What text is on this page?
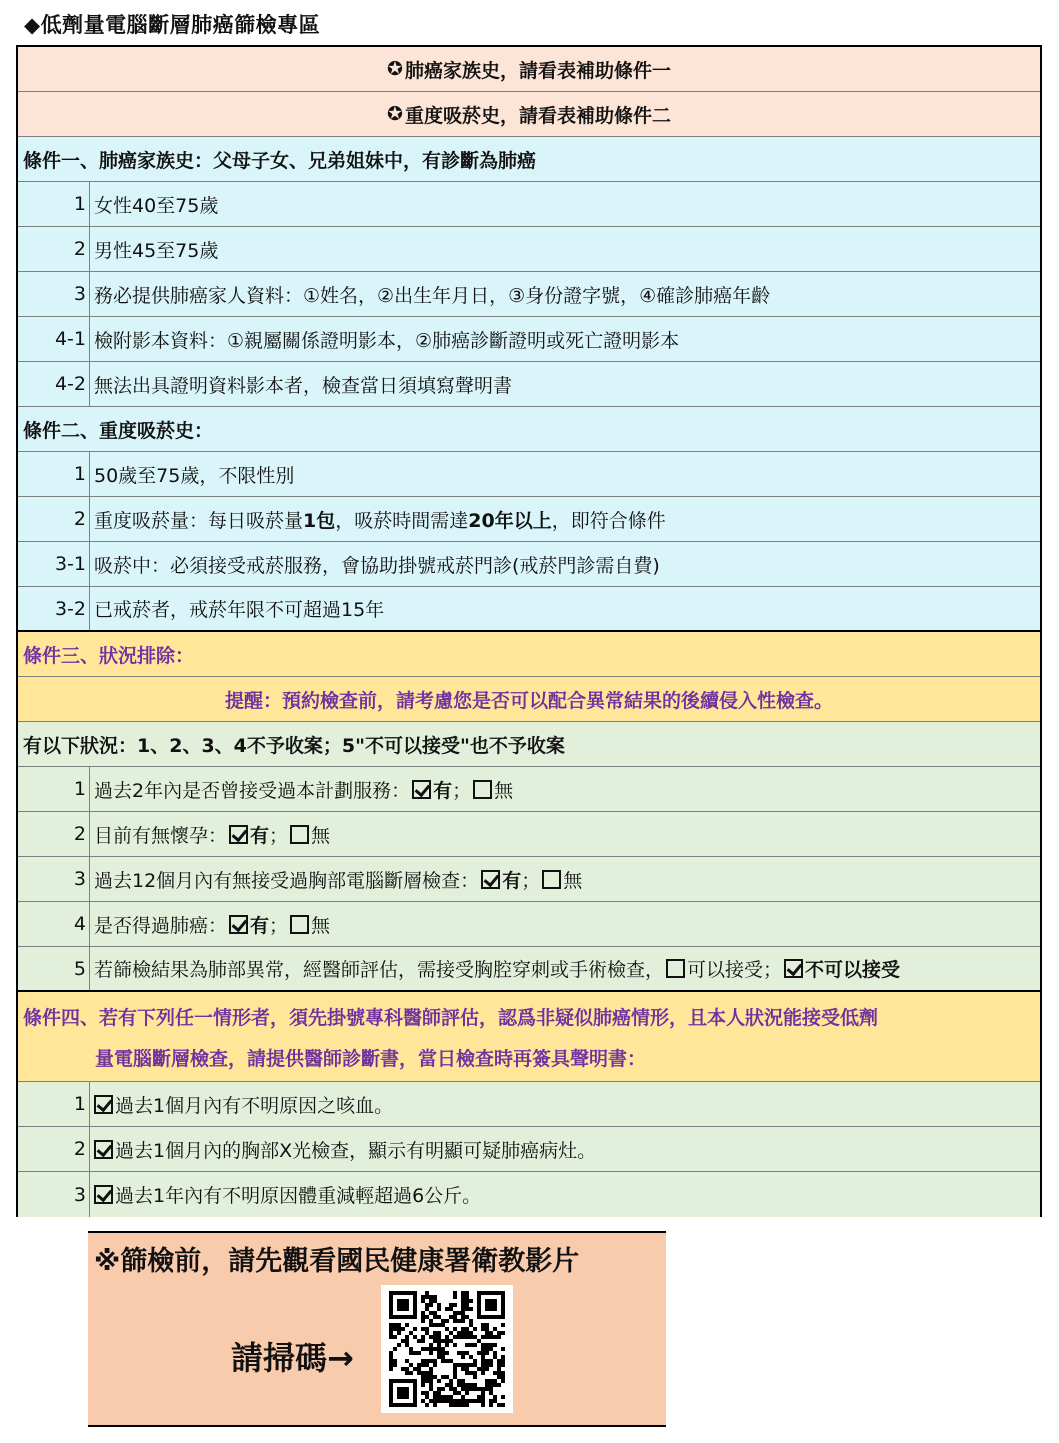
◆低劑量電腦斷層肺癌篩檢專區
✪ 肺癌家族史，請看表補助條件一
✪ 重度吸菸史，請看表補助條件二
條件一、肺癌家族史：父母子女、兄弟姐妹中，有診斷為肺癌
1 女性40至75歲
2 男性45至75歲
3 務必提供肺癌家人資料：①姓名，②出生年月日，③身份證字號，④確診肺癌年齡
4-1 檢附影本資料：①親屬關係證明影本，②肺癌診斷證明或死亡證明影本
4-2 無法出具證明資料影本者，檢查當日須填寫聲明書
條件二、重度吸菸史：
1 50歲至75歲，不限性別
2 重度吸菸量：每日吸菸量1包，吸菸時間需達20年以上，即符合條件
3-1 吸菸中：必須接受戒菸服務，會協助掛號戒菸門診(戒菸門診需自費)
3-2 已戒菸者，戒菸年限不可超過15年
條件三、狀況排除：
提醒：預約檢查前，請考慮您是否可以配合異常結果的後續侵入性檢查。
有以下狀況：1、2、3、4不予收案；5"不可以接受"也不予收案
1 過去2年內是否曾接受過本計劃服務： 有； 無
2 目前有無懷孕： 有； 無
3 過去12個月內有無接受過胸部電腦斷層檢查： 有； 無
4 是否得過肺癌： 有； 無
5 若篩檢結果為肺部異常，經醫師評估，需接受胸腔穿刺或手術檢查， 可以接受； 不可以接受
條件四、若有下列任一情形者，須先掛號專科醫師評估，認爲非疑似肺癌情形，且本人狀況能接受低劑
量電腦斷層檢查，請提供醫師診斷書，當日檢查時再簽具聲明書：
1	過去1個月內有不明原因之咳血。
2	過去1個月內的胸部X光檢查，顯示有明顯可疑肺癌病灶。
3	過去1年內有不明原因體重減輕超過6公斤。
※篩檢前，請先觀看國民健康署衛教影片
請掃碼→
